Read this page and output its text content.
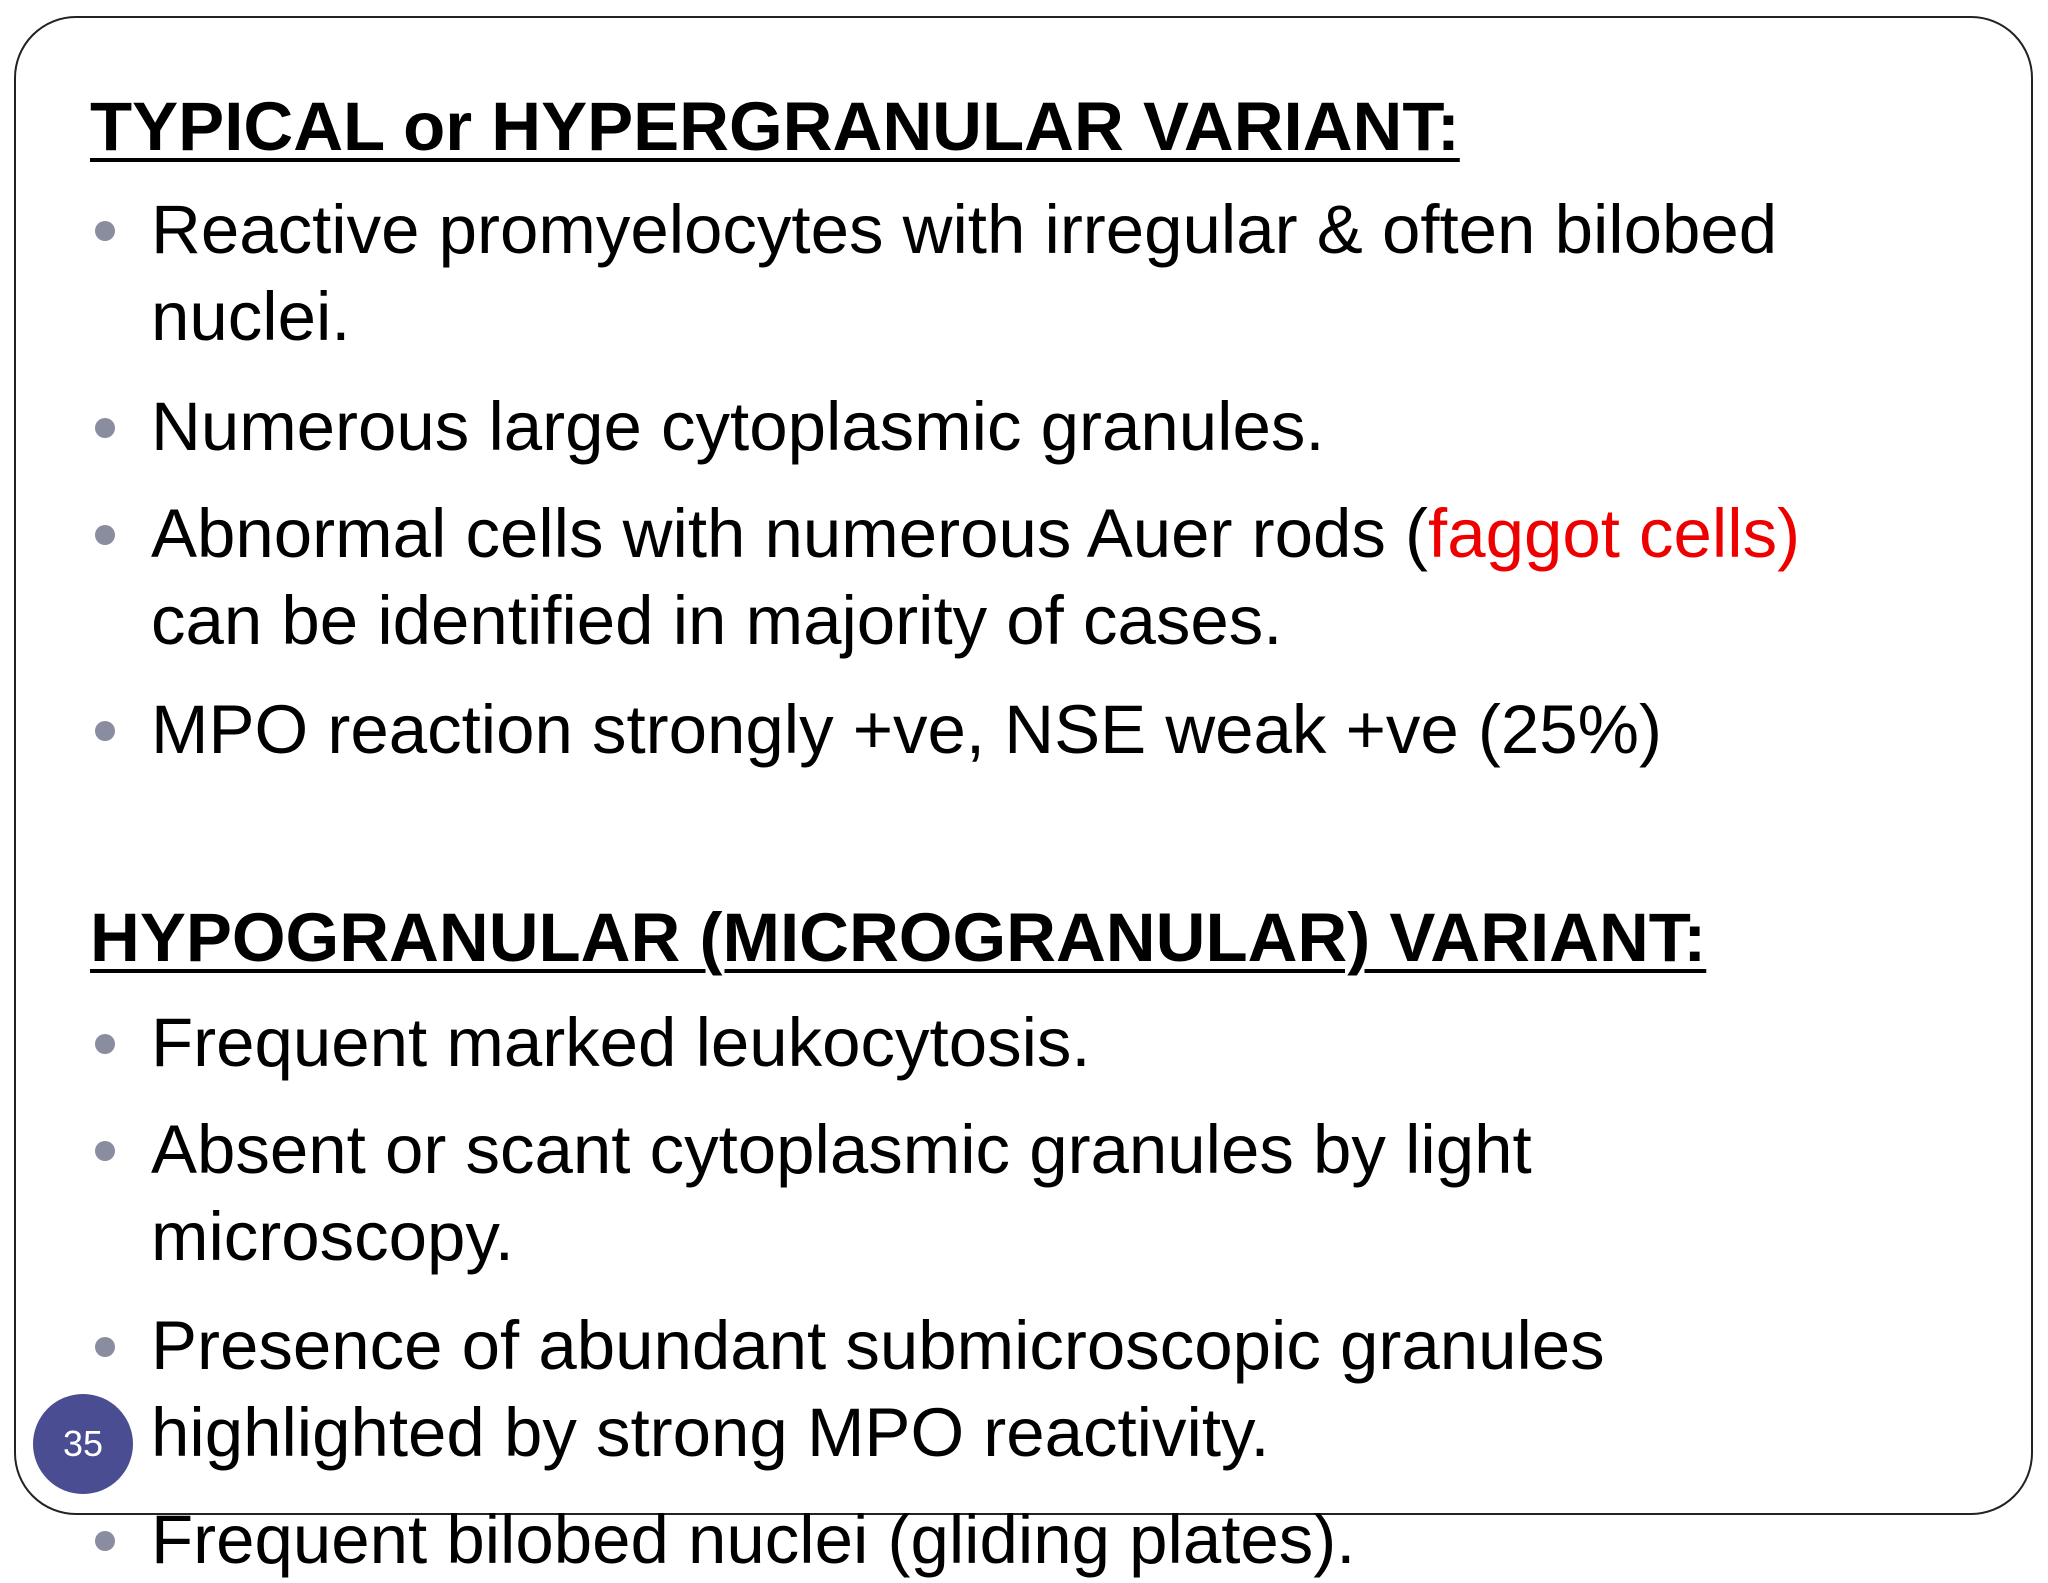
TYPICAL or HYPERGRANULAR VARIANT:
Reactive promyelocytes with irregular & often bilobed
nuclei.
Numerous large cytoplasmic granules.
Abnormal cells with numerous Auer rods (faggot cells)
can be identified in majority of cases.
MPO reaction strongly +ve, NSE weak +ve (25%)
HYPOGRANULAR (MICROGRANULAR) VARIANT:
Frequent marked leukocytosis.
Absent or scant cytoplasmic granules by light
microscopy.
Presence of abundant submicroscopic granules
highlighted by strong MPO reactivity.
Frequent bilobed nuclei (gliding plates).
35
